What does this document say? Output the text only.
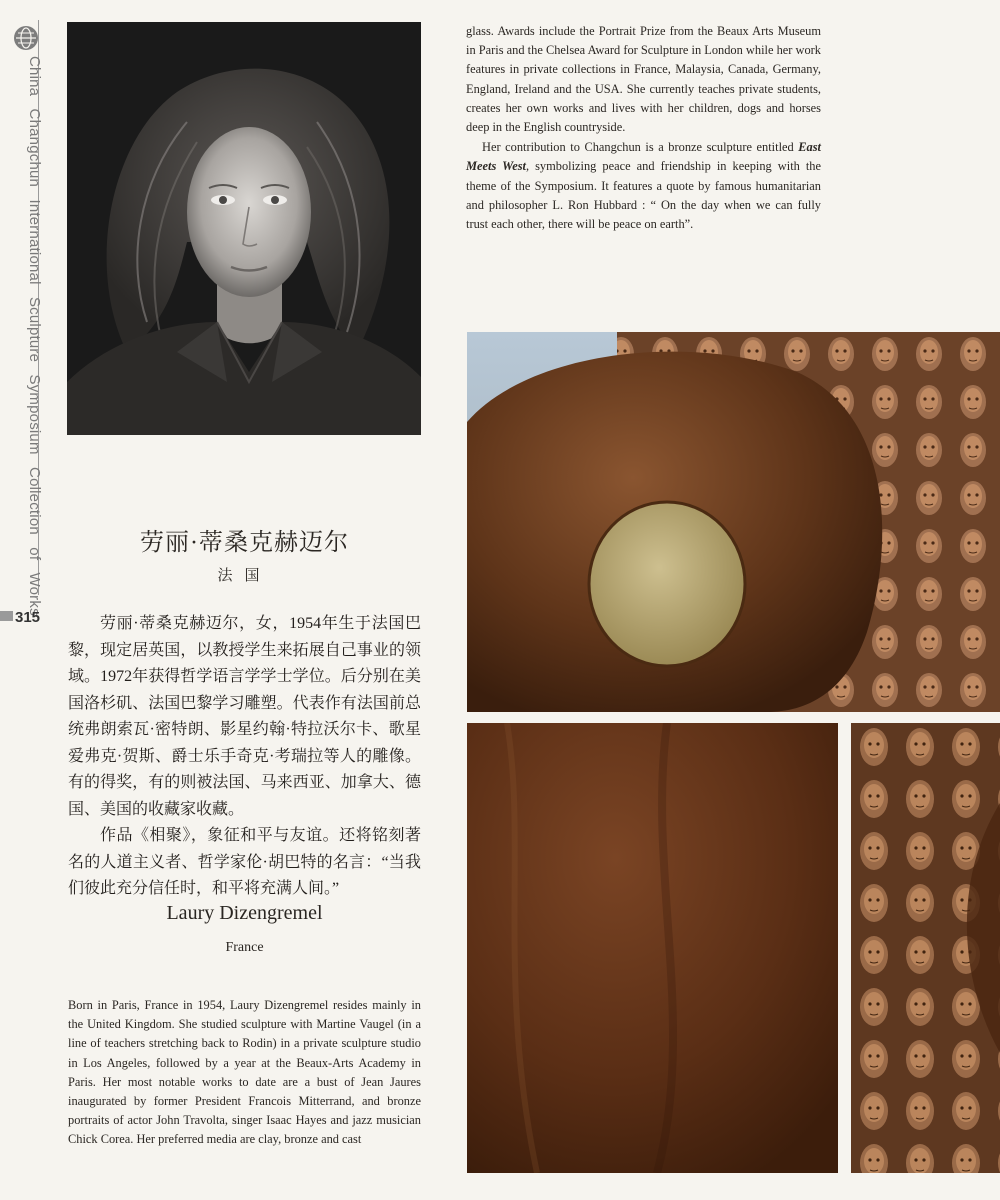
China Changchun International Sculpture Symposium Collection of Works
315

glass. Awards include the Portrait Prize from the Beaux Arts Museum in Paris and the Chelsea Award for Sculpture in London while her work features in private collections in France, Malaysia, Canada, Germany, England, Ireland and the USA. She currently teaches private students, creates her own works and lives with her children, dogs and horses deep in the English countryside.

Her contribution to Changchun is a bronze sculpture entitled East Meets West, symbolizing peace and friendship in keeping with the theme of the Symposium. It features a quote by famous humanitarian and philosopher L. Ron Hubbard : “ On the day when we can fully trust each other, there will be peace on earth”.

劳丽·蒂桑克赫迈尔
法国

劳丽·蒂桑克赫迈尔，女，1954年生于法国巴黎，现定居英国，以教授学生来拓展自己事业的领域。1972年获得哲学语言学学士学位。后分别在美国洛杉矶、法国巴黎学习雕塑。代表作有法国前总统弗朗索瓦·密特朗、影星约翰·特拉沃尔卡、歌星爱弗克·贺斯、爵士乐手奇克·考瑞拉等人的雕像。有的得奖，有的则被法国、马来西亚、加拿大、德国、美国的收藏家收藏。

作品《相聚》，象征和平与友谊。还将铭刻著名的人道主义者、哲学家伦·胡巴特的名言：“当我们彼此充分信任时，和平将充满人间。”

Laury Dizengremel
France

Born in Paris, France in 1954, Laury Dizengremel resides mainly in the United Kingdom. She studied sculpture with Martine Vaugel (in a line of teachers stretching back to Rodin) in a private sculpture studio in Los Angeles, followed by a year at the Beaux-Arts Academy in Paris. Her most notable works to date are a bust of Jean Jaures inaugurated by former President Francois Mitterrand, and bronze portraits of actor John Travolta, singer Isaac Hayes and jazz musician Chick Corea. Her preferred media are clay, bronze and cast
